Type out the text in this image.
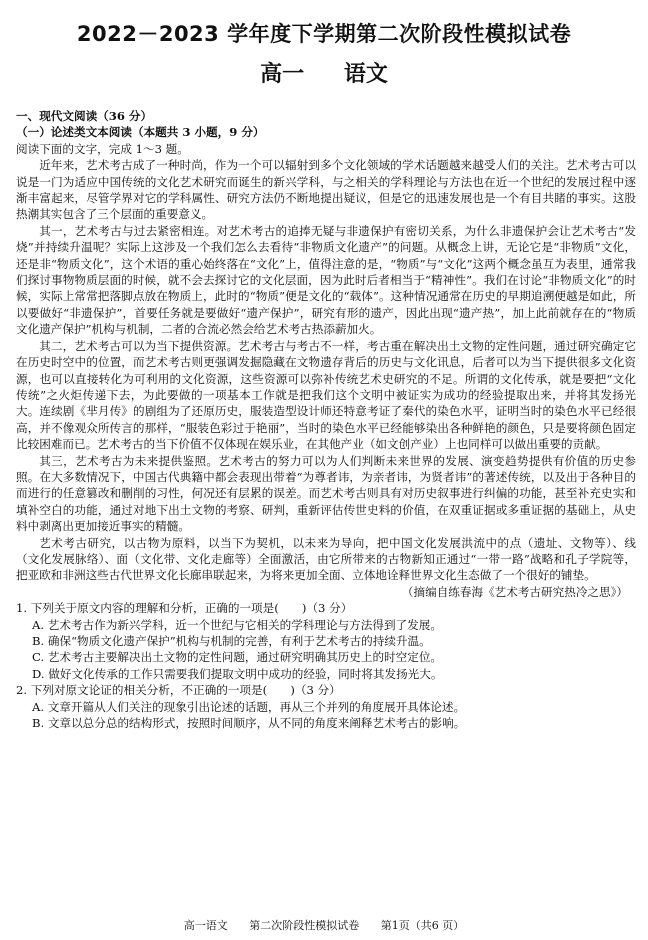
2022－2023 学年度下学期第二次阶段性模拟试卷
高一 语文

一、现代文阅读（36 分）

（一）论述类文本阅读（本题共 3 小题，9 分）

阅读下面的文字，完成 1～3 题。

近年来，艺术考古成了一种时尚，作为一个可以辐射到多个文化领域的学术话题越来越受人们的关注。艺术考古可以说是一门为适应中国传统的文化艺术研究而诞生的新兴学科，与之相关的学科理论与方法也在近一个世纪的发展过程中逐渐丰富起来，尽管学界对它的学科属性、研究方法仍不断地提出疑议，但是它的迅速发展也是一个有目共睹的事实。这股热潮其实包含了三个层面的重要意义。

其一，艺术考古与过去紧密相连。对艺术考古的追捧无疑与非遗保护有密切关系，为什么非遗保护会让艺术考古“发烧”并持续升温呢？实际上这涉及一个我们怎么去看待“非物质文化遗产”的问题。从概念上讲，无论它是“非物质”文化，还是非“物质文化”，这个术语的重心始终落在“文化”上，值得注意的是，“物质”与“文化”这两个概念虽互为表里，通常我们探讨事物物质层面的时候，就不会去探讨它的文化层面，因为此时后者相当于“精神性”。我们在讨论“非物质文化”的时候，实际上常常把落脚点放在物质上，此时的“物质”便是文化的“载体”。这种情况通常在历史的早期追溯便越是如此，所以要做好“非遗保护”，首要任务就是要做好“遗产保护”，研究有形的遗产，因此出现“遗产热”，加上此前就存在的“物质文化遗产保护”机构与机制，二者的合流必然会给艺术考古热添薪加火。

其二，艺术考古可以为当下提供资源。艺术考古与考古不一样，考古重在解决出土文物的定性问题，通过研究确定它在历史时空中的位置，而艺术考古则更强调发掘隐藏在文物遗存背后的历史与文化讯息，后者可以为当下提供很多文化资源，也可以直接转化为可利用的文化资源，这些资源可以弥补传统艺术史研究的不足。所谓的文化传承，就是要把“文化传统”之火炬传递下去，为此要做的一项基本工作就是把我们这个文明中被证实为成功的经验提取出来，并将其发扬光大。连续剧《芈月传》的剧组为了还原历史，服装造型设计师还特意考证了秦代的染色水平，证明当时的染色水平已经很高，并不像观众所传言的那样，“服装色彩过于艳丽”，当时的染色水平已经能够染出各种鲜艳的颜色，只是要将颜色固定比较困难而已。艺术考古的当下价值不仅体现在娱乐业，在其他产业（如文创产业）上也同样可以做出重要的贡献。

其三，艺术考古为未来提供鉴照。艺术考古的努力可以为人们判断未来世界的发展、演变趋势提供有价值的历史参照。在大多数情况下，中国古代典籍中都会表现出带着“为尊者讳，为亲者讳，为贤者讳”的著述传统，以及出于各种目的而进行的任意篡改和删削的习性，何况还有层累的误差。而艺术考古则具有对历史叙事进行纠偏的功能，甚至补充史实和填补空白的功能，通过对地下出土文物的考察、研判，重新评估传世史料的价值，在双重证据或多重证据的基础上，从史料中剥离出更加接近事实的精髓。

艺术考古研究，以古物为原料，以当下为契机，以未来为导向，把中国文化发展洪流中的点（遗址、文物等）、线（文化发展脉络）、面（文化带、文化走廊等）全面激活，由它所带来的古物新知正通过“一带一路”战略和孔子学院等，把亚欧和非洲这些古代世界文化长廊串联起来，为将来更加全面、立体地诠释世界文化生态做了一个很好的铺垫。

（摘编自练春海《艺术考古研究热冷之思》）

1. 下列关于原文内容的理解和分析，正确的一项是(　　)（3 分）

A. 艺术考古作为新兴学科，近一个世纪与它相关的学科理论与方法得到了发展。

B. 确保“物质文化遗产保护”机构与机制的完善，有利于艺术考古的持续升温。

C. 艺术考古主要解决出土文物的定性问题，通过研究明确其历史上的时空定位。

D. 做好文化传承的工作只需要我们提取文明中成功的经验，同时将其发扬光大。

2. 下列对原文论证的相关分析，不正确的一项是(　　)（3 分）

A. 文章开篇从人们关注的现象引出论述的话题，再从三个并列的角度展开具体论述。

B. 文章以总分总的结构形式，按照时间顺序，从不同的角度来阐释艺术考古的影响。

高一语文 第二次阶段性模拟试卷 第1页（共6 页）
